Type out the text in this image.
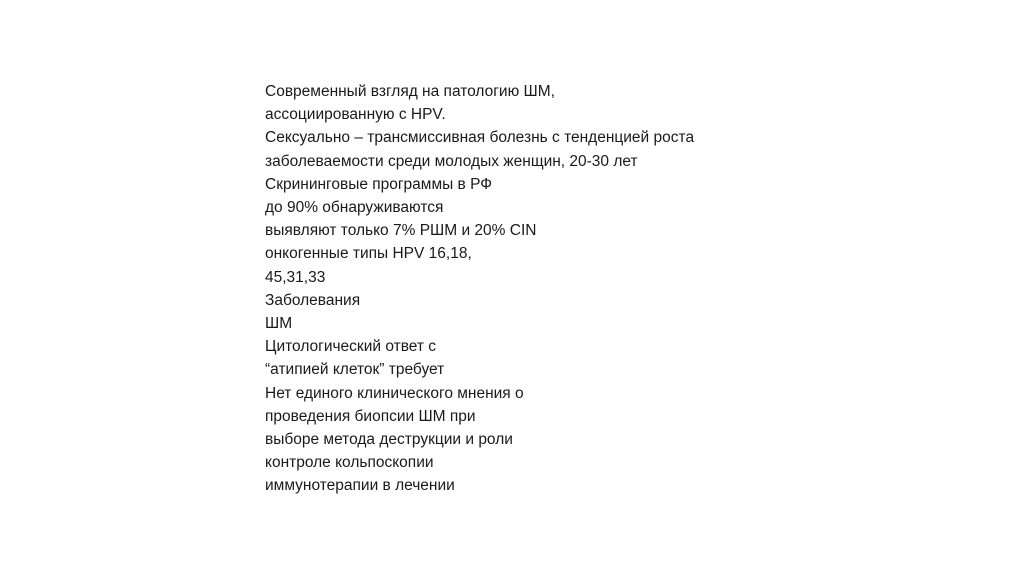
Современный взгляд на патологию ШМ,
ассоциированную с HPV.
Сексуально – трансмиссивная болезнь с тенденцией роста
заболеваемости среди молодых женщин, 20-30 лет
Скрининговые программы в РФ
до 90% обнаруживаются
выявляют только 7% РШМ и 20% CIN
онкогенные типы HPV 16,18,
45,31,33
Заболевания
ШМ
Цитологический ответ с
“атипией клеток” требует
Нет единого клинического мнения о
проведения биопсии ШМ при
выборе метода деструкции и роли
контроле кольпоскопии
иммунотерапии в лечении
